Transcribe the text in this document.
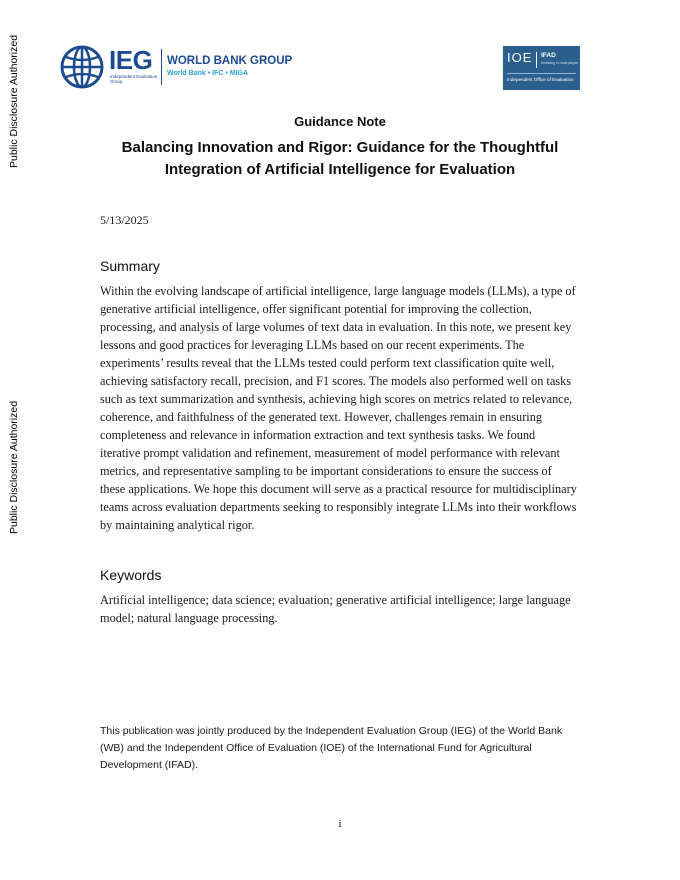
Public Disclosure Authorized
Public Disclosure Authorized
IEG
Independent Evaluation Group
WORLD BANK GROUP
World Bank • IFC • MIGA
IOE IFAD
Investing in rural people
Independent Office of Evaluation
Guidance Note
Balancing Innovation and Rigor: Guidance for the Thoughtful Integration of Artificial Intelligence for Evaluation
5/13/2025
Summary
Within the evolving landscape of artificial intelligence, large language models (LLMs), a type of generative artificial intelligence, offer significant potential for improving the collection, processing, and analysis of large volumes of text data in evaluation. In this note, we present key lessons and good practices for leveraging LLMs based on our recent experiments. The experiments’ results reveal that the LLMs tested could perform text classification quite well, achieving satisfactory recall, precision, and F1 scores. The models also performed well on tasks such as text summarization and synthesis, achieving high scores on metrics related to relevance, coherence, and faithfulness of the generated text. However, challenges remain in ensuring completeness and relevance in information extraction and text synthesis tasks. We found iterative prompt validation and refinement, measurement of model performance with relevant metrics, and representative sampling to be important considerations to ensure the success of these applications. We hope this document will serve as a practical resource for multidisciplinary teams across evaluation departments seeking to responsibly integrate LLMs into their workflows by maintaining analytical rigor.
Keywords
Artificial intelligence; data science; evaluation; generative artificial intelligence; large language model; natural language processing.
This publication was jointly produced by the Independent Evaluation Group (IEG) of the World Bank (WB) and the Independent Office of Evaluation (IOE) of the International Fund for Agricultural Development (IFAD).
i
